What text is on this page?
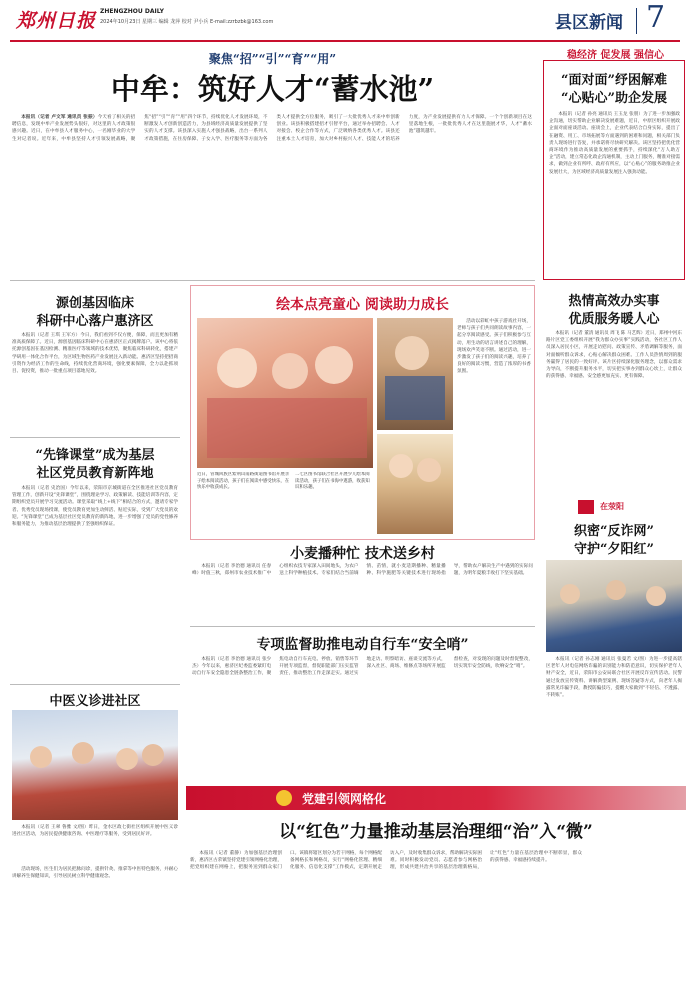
郑州日报 ZHENGZHOU DAILY
2024年10月23日 星期三 编辑 龙萍 校对 尹小兵 E-mail:zzrbzbk@163.com	县区新闻 7
聚焦“招”“引”“育”“用”
中牟：筑好人才“蓄水池”

本报讯（记者 卢文军 通讯员 张振）今天看了相关的招聘信息，发现中牟产业发展势头很好，对这里的人才政策很感兴趣。近日，在中牟县人才服务中心，一名刚毕业的大学生对记者说。近年来，中牟县坚持人才引领发展战略，聚焦“招”“引”“育”“用”四个环节，持续优化人才发展环境，不断激发人才创新创造活力，为县域经济高质量发展提供了坚实的人才支撑。该县深入实施人才强县战略，出台一系列人才政策措施，在住房保障、子女入学、医疗服务等方面为各类人才提供全方位服务，吸引了一大批优秀人才来中牟创新创业。该县积极搭建招才引智平台，通过举办招聘会、人才对接会、校企合作等方式，广泛吸纳各类优秀人才。该县还注重本土人才培育，加大对乡村振兴人才、技能人才的培养力度，为产业发展提供有力人才保障。一个个创新项目在这里落地生根，一批批优秀人才在这里施展才华，人才“蓄水池”越筑越牢。

稳经济 促发展 强信心
“面对面”纾困解难
“心贴心”助企发展
本报讯（记者 孙亮 通讯员 王玉龙 张朋）为了进一步加强政企沟通，切实帮助企业解决发展难题，近日，中原区组织开展政企面对面座谈活动。座谈会上，企业代表结合自身实际，提出了在融资、用工、市场拓展等方面遇到的困难和问题，相关部门负责人现场进行答复，并承诺将尽快研究解决。该区坚持把优化营商环境作为推动高质量发展的重要抓手，持续深化“万人助万企”活动，建立常态化政企沟通机制，主动上门服务，精准对接需求，做到企业有所呼、政府有所应，以“心贴心”的服务助推企业发展壮大，为区域经济高质量发展注入强劲动能。
源创基因临床
科研中心落户惠济区
本报讯（记者 王琪 王军方）今日，我们看到不仅方便，保障，而且更加有精准高质保障了。近日，源创基因临床科研中心在惠济区正式揭牌落户。该中心将依托源创基因在基因检测、精准医疗等领域的技术优势，聚焦临床科研转化，搭建产学研用一体化合作平台，为区域生物医药产业发展注入新动能。惠济区坚持把招商引资作为经济工作的生命线，持续优化营商环境，强化要素保障，全力以赴抓项目、促投资，推动一批重点项目落地见效。
绘本点亮童心 阅读助力成长
活动以彩虹中孩子游戏社开场，老师与孩子们共同朗读故事内容，一起分享阅读感受。孩子们积极参与互动，用生动的语言讲述自己的理解，现场欢声笑语不断。通过活动，进一步激发了孩子们的阅读兴趣，培养了良好的阅读习惯，营造了浓厚的书香氛围。
近日，管城回族区紫荆山南路街道图书馆开展亲子绘本阅读活动，孩子们在阅读中感受快乐，在快乐中收获成长。
二七区图书馆联合社区开展少儿绘本阅读活动，孩子们在书海中遨游，收获知识和乐趣。
热情高效办实事
优质服务暖人心
本报讯（记者 董清 通讯员 周飞 陈 马艺辉）近日，郑州中河东路片区党工委组织开展“我为群众办实事”实践活动，各社区工作人员深入居民小区，开展走访慰问、政策宣传、矛盾调解等服务，面对面倾听群众诉求，心贴心解决群众困难。工作人员热情周到的服务赢得了居民的一致好评。该片区持续深化服务理念，以群众需求为导向，不断提升服务水平，切实把实事办到群众心坎上，让群众的获得感、幸福感、安全感更加充实、更有保障。
“先锋课堂”成为基层
社区党员教育新阵地
本报讯（记者 史治国）今年以来，荥阳市京城街道在全区推进社区党员教育管理工作，创新开设“先锋课堂”，围绕理论学习、政策解读、技能培训等内容，定期组织党员开展学习交流活动。课堂采取“线上+线下”相结合的方式，邀请专家学者、优秀党员现场授课，使党员教育更加生动鲜活、贴近实际，受到广大党员的欢迎。“先锋课堂”已成为基层社区党员教育的新阵地，进一步增强了党员的党性修养和服务能力，为推动基层治理提供了坚强组织保证。
在荥阳
织密“反诈网”
守护“夕阳红”
本报讯（记者 孙志刚 通讯员 张曼若 文/图）为进一步提高辖区老年人对电信网络诈骗的识别能力和防范意识，切实保护老年人财产安全，近日，荥阳市公安局联合社区开展反诈宣传活动。民警通过发放宣传资料、讲解典型案例、现场答疑等方式，向老年人揭露常见诈骗手段，教授防骗技巧，提醒大家做到“不轻信、不透露、不转账”。
小麦播种忙 技术送乡村
本报讯（记者 李治德 通讯员 任春峰）时值三秋，郑州市农业技术推广中心组织农技专家深入田间地头，为农户送上科学种植技术。专家们结合当前墒情、苗情，就小麦适期播种、精量播种、科学施肥等关键技术进行现场指导，帮助农户解决生产中遇到的实际问题，为明年夏粮丰收打下坚实基础。
专项监督助推电动自行车“安全哨”
本报讯（记者 李治德 通讯员 张少杰）今年以来，惠济区纪委监委紧盯电动自行车安全隐患全链条整治工作，聚焦电动自行车充电、停放、销售等环节开展专项监督，督促职能部门压实监管责任，推动整治工作走深走实。通过实地走访、明察暗访、座谈交流等方式，深入社区、商场、维修点等场所开展监督检查，对发现的问题及时督促整改，切实筑牢安全防线，吹响安全“哨”。
中医义诊进社区
本报讯（记者 王翠 鲁雅 文/图）昨日，金水区政七街社区组织开展中医义诊进社区活动，为居民提供健康咨询、中医理疗等服务，受到居民好评。
活动现场，医生们为居民把脉问诊，提供针灸、推拿等中医特色服务，并耐心讲解养生保健知识，引导居民树立科学健康观念。
党建引领网格化
以“红色”力量推动基层治理细“治”入“微”
本报讯（记者 董静）为加强基层治理创新，惠济区古荥镇坚持党建引领网格化治理，把党组织建在网格上，把服务送到群众家门口。该镇将辖区划分为若干网格，每个网格配备网格长和网格员，实行“网格化管理、精细化服务、信息化支撑”工作模式，定期开展走访入户，及时收集群众诉求，帮助解决实际困难。同时积极发动党员、志愿者参与网格治理，形成共建共治共享的基层治理新格局，让“红色”力量在基层治理中不断彰显，群众的获得感、幸福感持续提升。
